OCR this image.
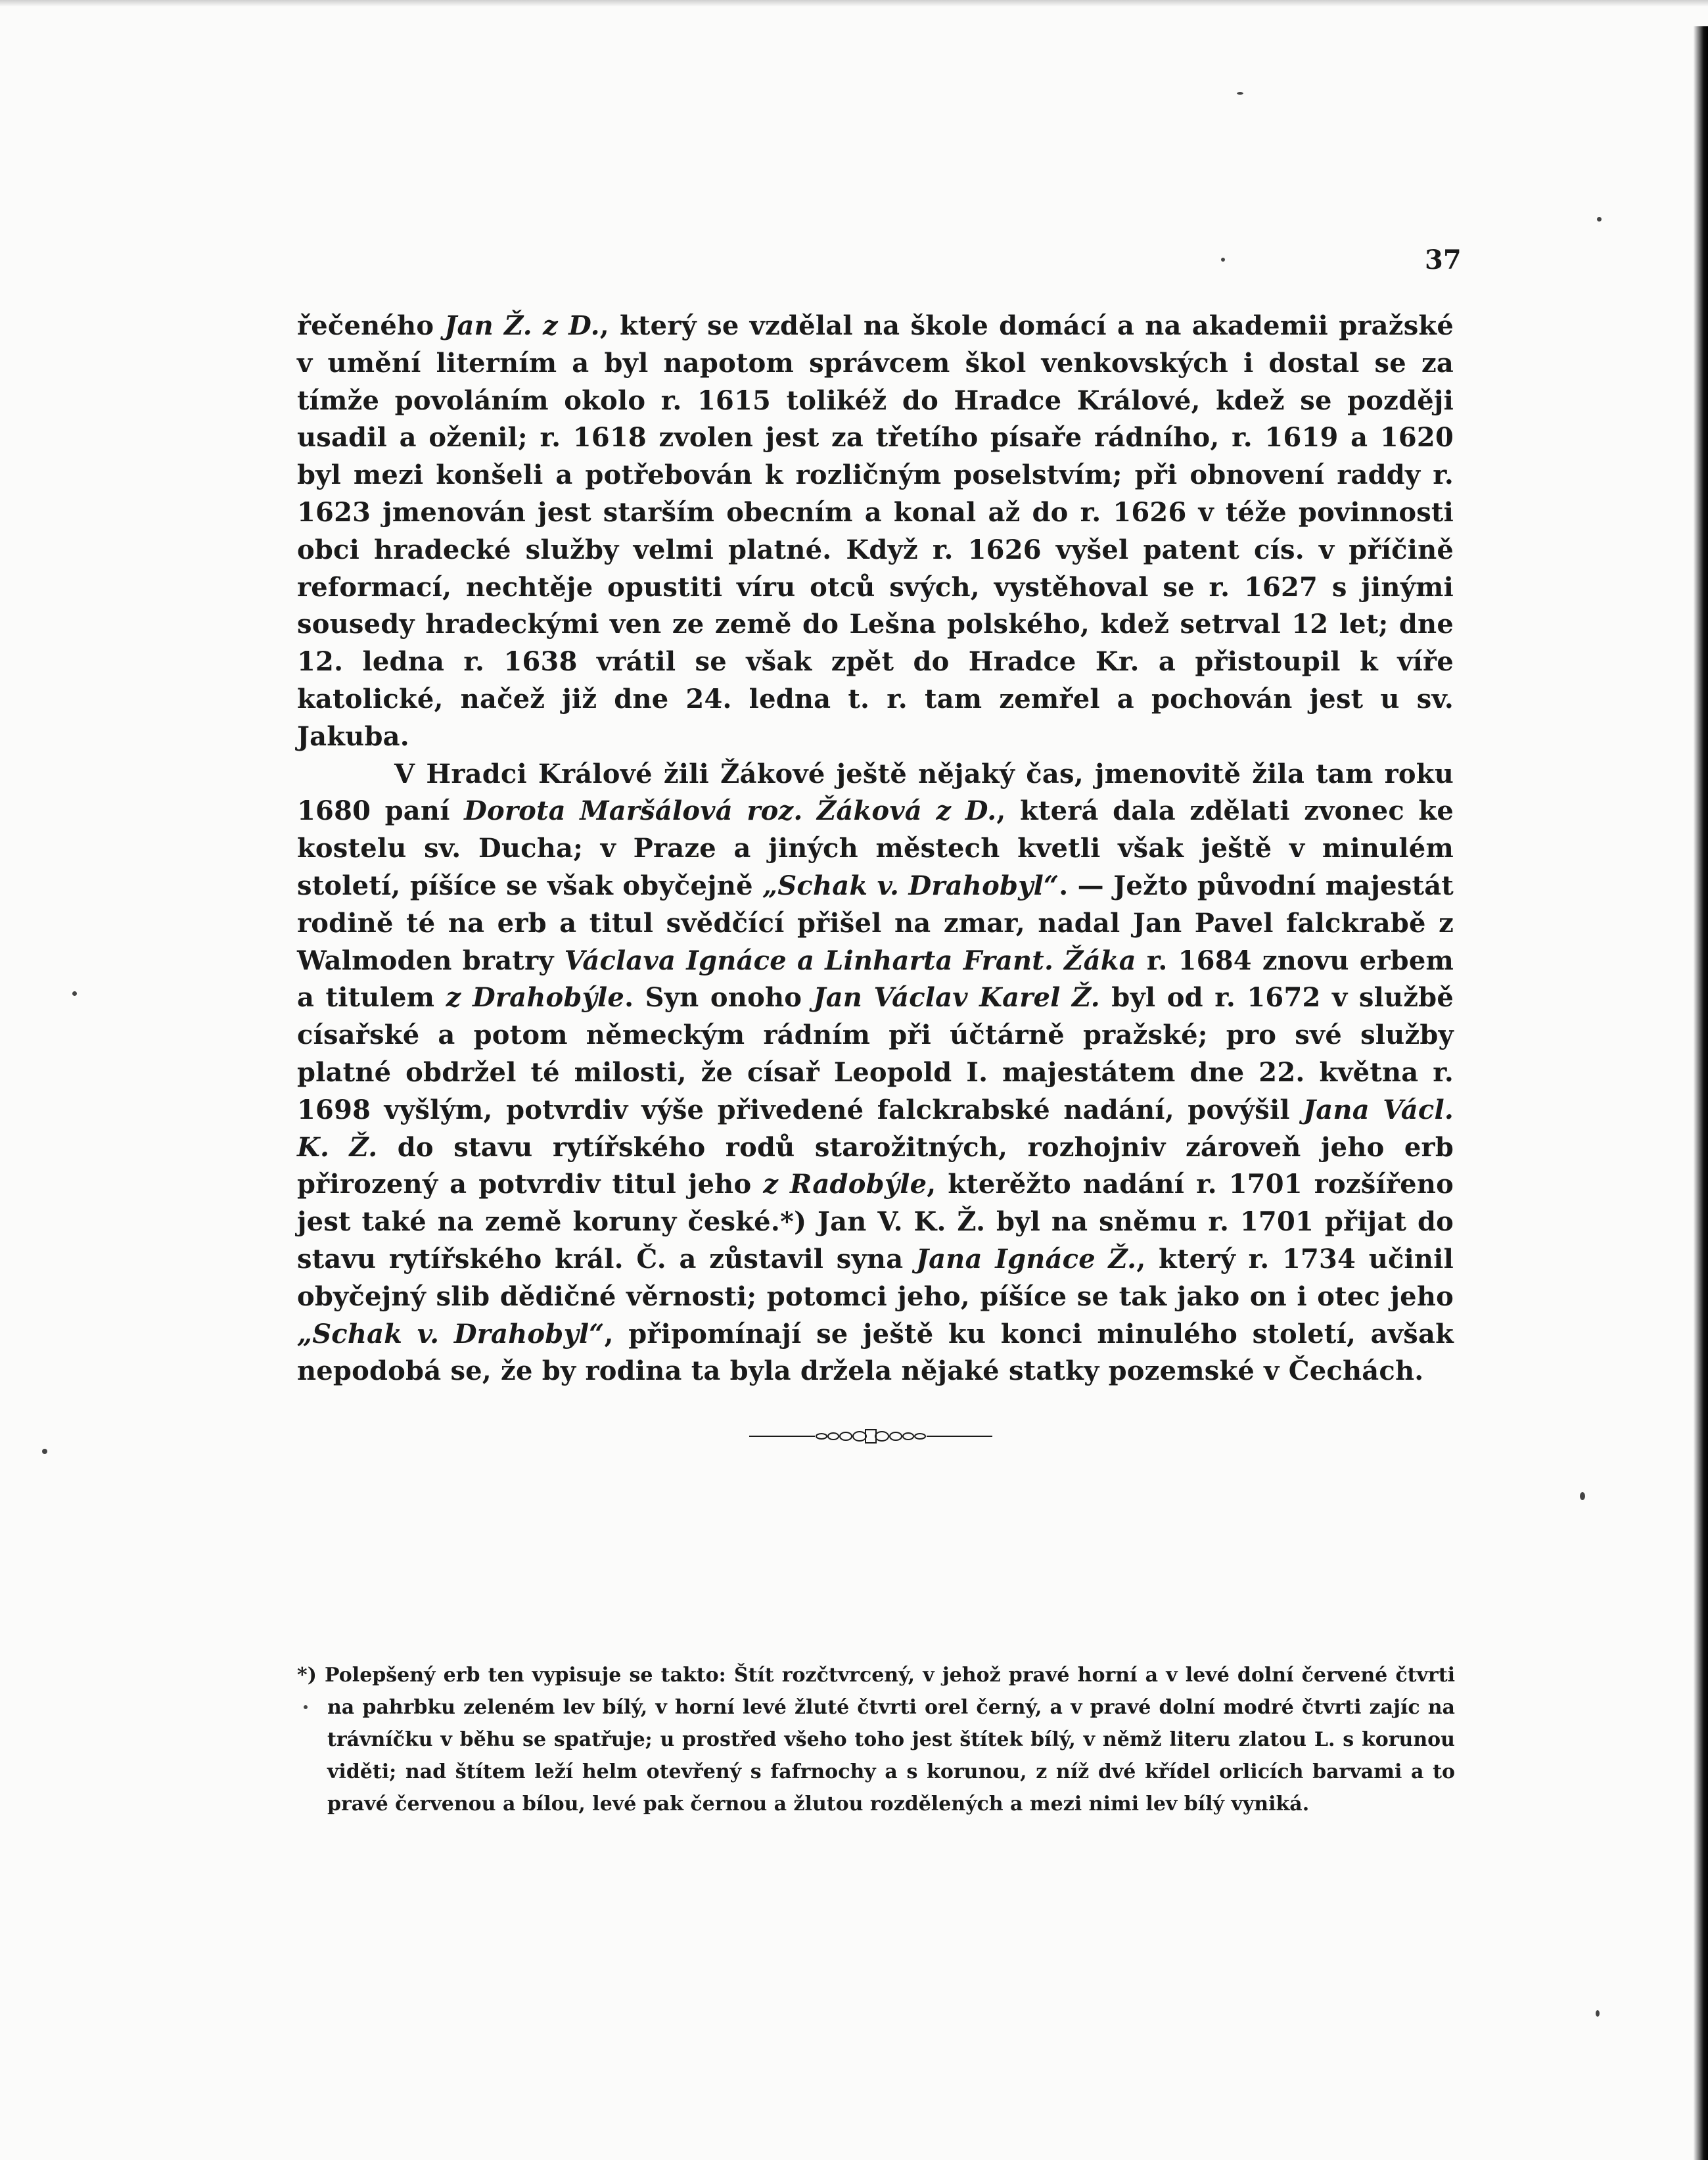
37

řečeného Jan Ž. z D., který se vzdělal na škole domácí a na akademii pražské v umění literním a byl napotom správcem škol venkovských i dostal se za tímže povoláním okolo r. 1615 tolikéž do Hradce Králové, kdež se později usadil a oženil; r. 1618 zvolen jest za třetího písaře rádního, r. 1619 a 1620 byl mezi konšeli a potřebován k rozličným poselstvím; při obnovení raddy r. 1623 jmenován jest starším obecním a konal až do r. 1626 v téže povinnosti obci hradecké služby velmi platné. Když r. 1626 vyšel patent cís. v příčině reformací, nechtěje opustiti víru otců svých, vystěhoval se r. 1627 s jinými sousedy hradeckými ven ze země do Lešna polského, kdež setrval 12 let; dne 12. ledna r. 1638 vrátil se však zpět do Hradce Kr. a přistoupil k víře katolické, načež již dne 24. ledna t. r. tam zemřel a pochován jest u sv. Jakuba.

V Hradci Králové žili Žákové ještě nějaký čas, jmenovitě žila tam roku 1680 paní Dorota Maršálová roz. Žáková z D., která dala zdělati zvonec ke kostelu sv. Ducha; v Praze a jiných městech kvetli však ještě v minulém století, píšíce se však obyčejně „Schak v. Drahobyl“. — Ježto původní majestát rodině té na erb a titul svědčící přišel na zmar, nadal Jan Pavel falckrabě z Walmoden bratry Václava Ignáce a Linharta Frant. Žáka r. 1684 znovu erbem a titulem z Drahobýle. Syn onoho Jan Václav Karel Ž. byl od r. 1672 v službě císařské a potom německým rádním při účtárně pražské; pro své služby platné obdržel té milosti, že císař Leopold I. majestátem dne 22. května r. 1698 vyšlým, potvrdiv výše přivedené falckrabské nadání, povýšil Jana Václ. K. Ž. do stavu rytířského rodů starožitných, rozhojniv zároveň jeho erb přirozený a potvrdiv titul jeho z Radobýle, kterěžto nadání r. 1701 rozšířeno jest také na země koruny české.*) Jan V. K. Ž. byl na sněmu r. 1701 přijat do stavu rytířského král. Č. a zůstavil syna Jana Ignáce Ž., který r. 1734 učinil obyčejný slib dědičné věrnosti; potomci jeho, píšíce se tak jako on i otec jeho „Schak v. Drahobyl“, připomínají se ještě ku konci minulého století, avšak nepodobá se, že by rodina ta byla držela nějaké statky pozemské v Čechách.

*) Polepšený erb ten vypisuje se takto: Štít rozčtvrcený, v jehož pravé horní a v levé dolní červené čtvrti na pahrbku zeleném lev bílý, v horní levé žluté čtvrti orel černý, a v pravé dolní modré čtvrti zajíc na trávníčku v běhu se spatřuje; u prostřed všeho toho jest štítek bílý, v němž literu zlatou L. s korunou viděti; nad štítem leží helm otevřený s fafrnochy a s korunou, z níž dvé křídel orlicích barvami a to pravé červenou a bílou, levé pak černou a žlutou rozdělených a mezi nimi lev bílý vyniká.
